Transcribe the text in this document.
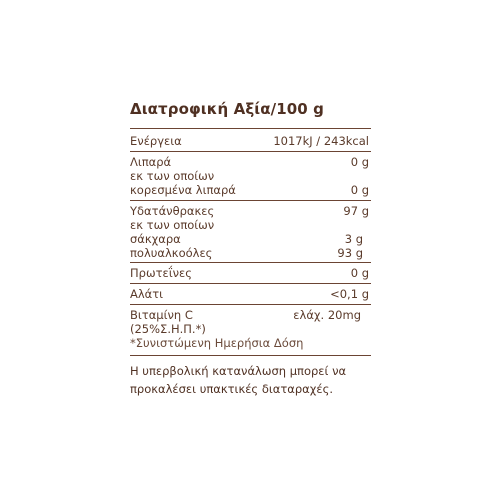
Διατροφική Αξία/100 g
Ενέργεια	1017kJ / 243kcal
Λιπαρά	0 g
εκ των οποίων
κορεσμένα λιπαρά	0 g
Υδατάνθρακες	97 g
εκ των οποίων
σάκχαρα	3 g
πολυαλκοόλες	93 g
Πρωτεΐνες	0 g
Αλάτι	<0,1 g
Βιταμίνη C	ελάχ. 20mg
(25%Σ.Η.Π.*)
*Συνιστώμενη Ημερήσια Δόση
Η υπερβολική κατανάλωση μπορεί να
προκαλέσει υπακτικές διαταραχές.
